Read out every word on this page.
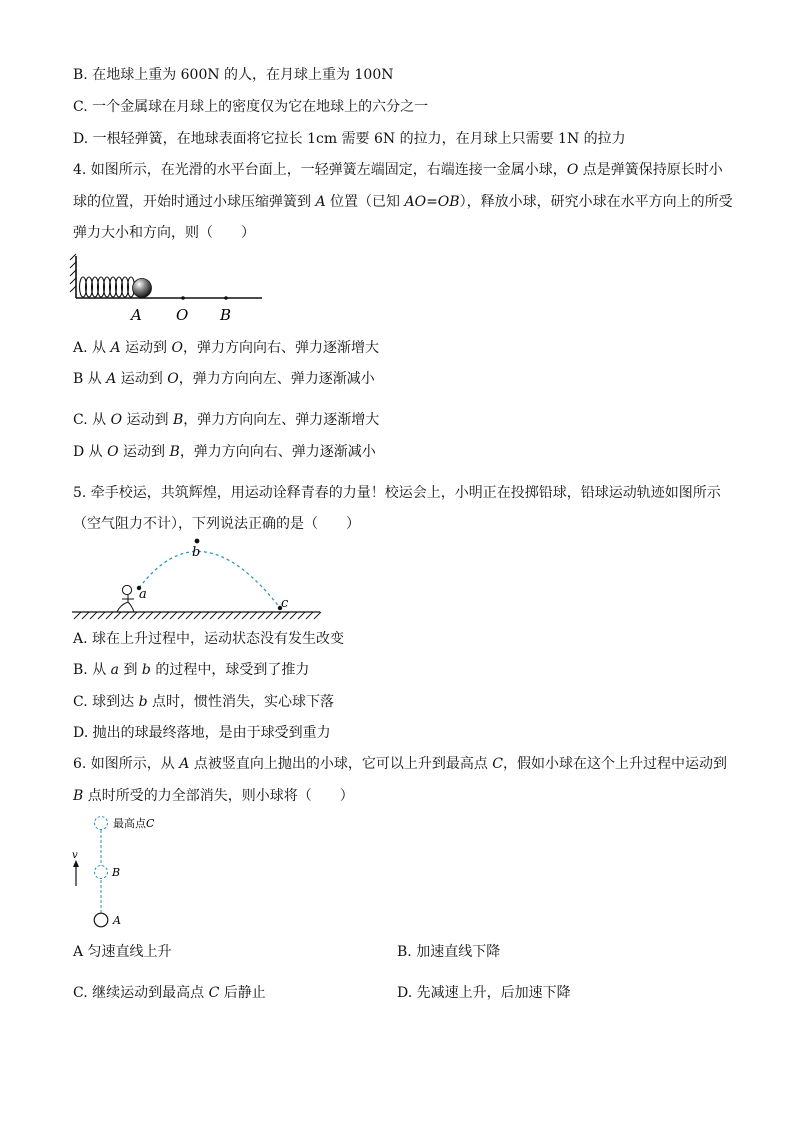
B. 在地球上重为 600N 的人，在月球上重为 100N
C. 一个金属球在月球上的密度仅为它在地球上的六分之一
D. 一根轻弹簧，在地球表面将它拉长 1cm 需要 6N 的拉力，在月球上只需要 1N 的拉力
4. 如图所示，在光滑的水平台面上，一轻弹簧左端固定，右端连接一金属小球，O 点是弹簧保持原长时小
球的位置，开始时通过小球压缩弹簧到 A 位置（已知 AO=OB），释放小球，研究小球在水平方向上的所受
弹力大小和方向，则（　　）
A O B
A. 从 A 运动到 O，弹力方向向右、弹力逐渐增大
B 从 A 运动到 O，弹力方向向左、弹力逐渐减小
C. 从 O 运动到 B，弹力方向向左、弹力逐渐增大
D 从 O 运动到 B，弹力方向向右、弹力逐渐减小
5. 牵手校运，共筑辉煌，用运动诠释青春的力量！校运会上，小明正在投掷铅球，铅球运动轨迹如图所示
（空气阻力不计），下列说法正确的是（　　）
a
b
c
A. 球在上升过程中，运动状态没有发生改变
B. 从 a 到 b 的过程中，球受到了推力
C. 球到达 b 点时，惯性消失，实心球下落
D. 抛出的球最终落地，是由于球受到重力
6. 如图所示，从 A 点被竖直向上抛出的小球，它可以上升到最高点 C，假如小球在这个上升过程中运动到
B 点时所受的力全部消失，则小球将（　　）
v
最高点C
B
A
A 匀速直线上升	B. 加速直线下降
C. 继续运动到最高点 C 后静止	D. 先减速上升，后加速下降
